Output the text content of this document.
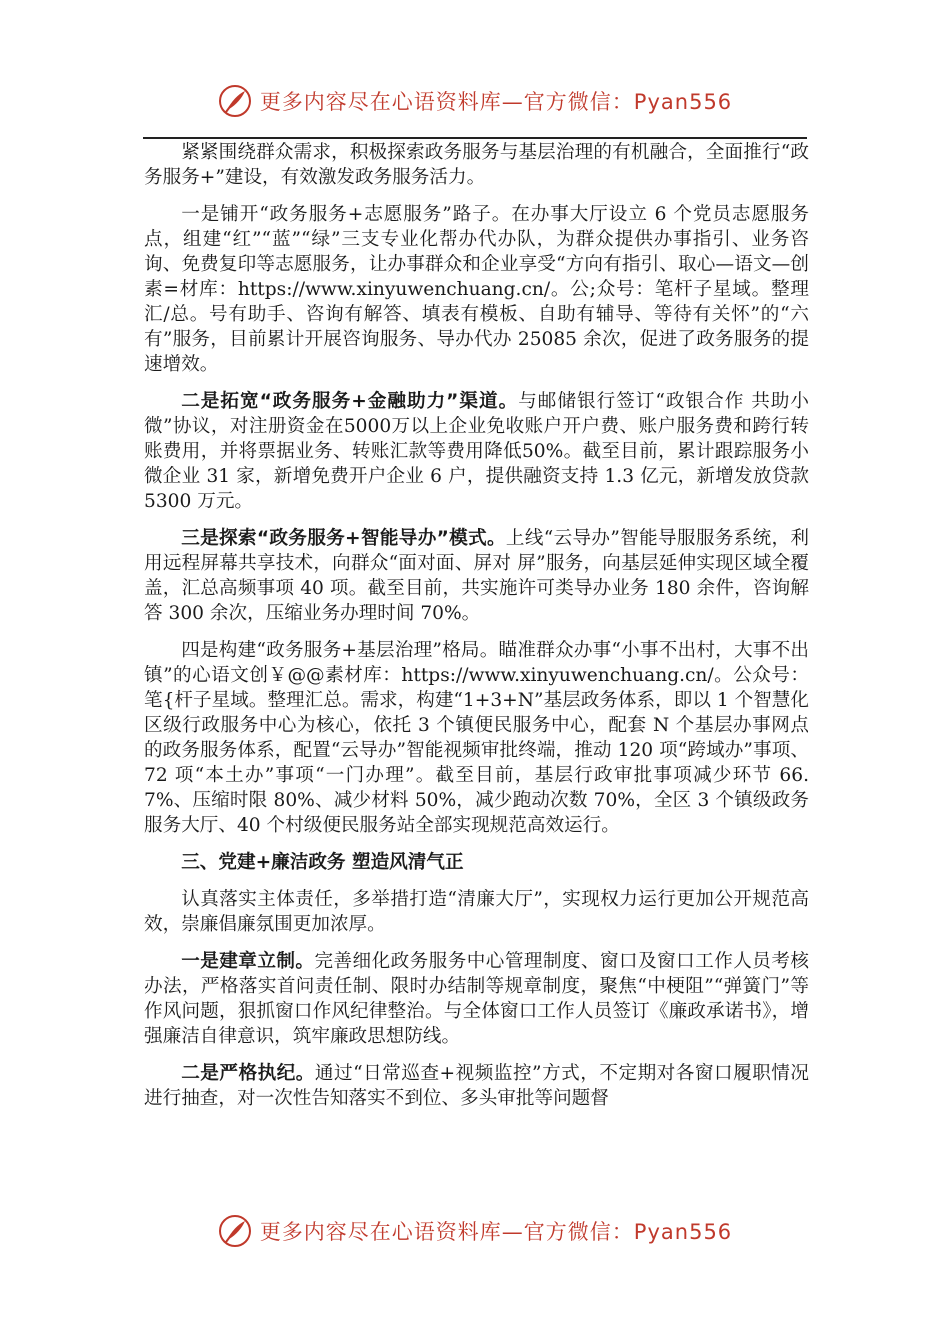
更多内容尽在心语资料库—官方微信：Pyan556

紧紧围绕群众需求，积极探索政务服务与基层治理的有机融合，全面推行“政务服务+”建设，有效激发政务服务活力。

一是铺开“政务服务+志愿服务”路子。在办事大厅设立 6 个党员志愿服务点，组建“红”“蓝”“绿”三支专业化帮办代办队，为群众提供办事指引、业务咨询、免费复印等志愿服务，让办事群众和企业享受“方向有指引、取心—语文—创素=材库：https://www.xinyuwenchuang.cn/。公;众号：笔杆子星域。整理汇/总。号有助手、咨询有解答、填表有模板、自助有辅导、等待有关怀”的“六有”服务，目前累计开展咨询服务、导办代办 25085 余次，促进了政务服务的提速增效。

二是拓宽“政务服务+金融助力”渠道。与邮储银行签订“政银合作 共助小微”协议，对注册资金在5000万以上企业免收账户开户费、账户服务费和跨行转账费用，并将票据业务、转账汇款等费用降低50%。截至目前，累计跟踪服务小微企业 31 家，新增免费开户企业 6 户，提供融资支持 1.3 亿元，新增发放贷款5300 万元。

三是探索“政务服务+智能导办”模式。上线“云导办”智能导服服务系统，利用远程屏幕共享技术，向群众“面对面、屏对 屏”服务，向基层延伸实现区域全覆盖，汇总高频事项 40 项。截至目前，共实施许可类导办业务 180 余件，咨询解答 300 余次，压缩业务办理时间 70%。

四是构建“政务服务+基层治理”格局。瞄准群众办事“小事不出村，大事不出镇”的心语文创￥@@素材库：https://www.xinyuwenchuang.cn/。公众号：笔{杆子星域。整理汇总。需求，构建“1+3+N”基层政务体系，即以 1 个智慧化区级行政服务中心为核心，依托 3 个镇便民服务中心，配套 N 个基层办事网点的政务服务体系，配置“云导办”智能视频审批终端，推动 120 项“跨域办”事项、72 项“本土办”事项“一门办理”。截至目前，基层行政审批事项减少环节 66.7%、压缩时限 80%、减少材料 50%，减少跑动次数 70%，全区 3 个镇级政务服务大厅、40 个村级便民服务站全部实现规范高效运行。

三、党建+廉洁政务 塑造风清气正

认真落实主体责任，多举措打造“清廉大厅”，实现权力运行更加公开规范高效，崇廉倡廉氛围更加浓厚。

一是建章立制。完善细化政务服务中心管理制度、窗口及窗口工作人员考核办法，严格落实首问责任制、限时办结制等规章制度，聚焦“中梗阻”“弹簧门”等作风问题，狠抓窗口作风纪律整治。与全体窗口工作人员签订《廉政承诺书》，增强廉洁自律意识，筑牢廉政思想防线。

二是严格执纪。通过“日常巡查+视频监控”方式，不定期对各窗口履职情况进行抽查，对一次性告知落实不到位、多头审批等问题督

更多内容尽在心语资料库—官方微信：Pyan556
